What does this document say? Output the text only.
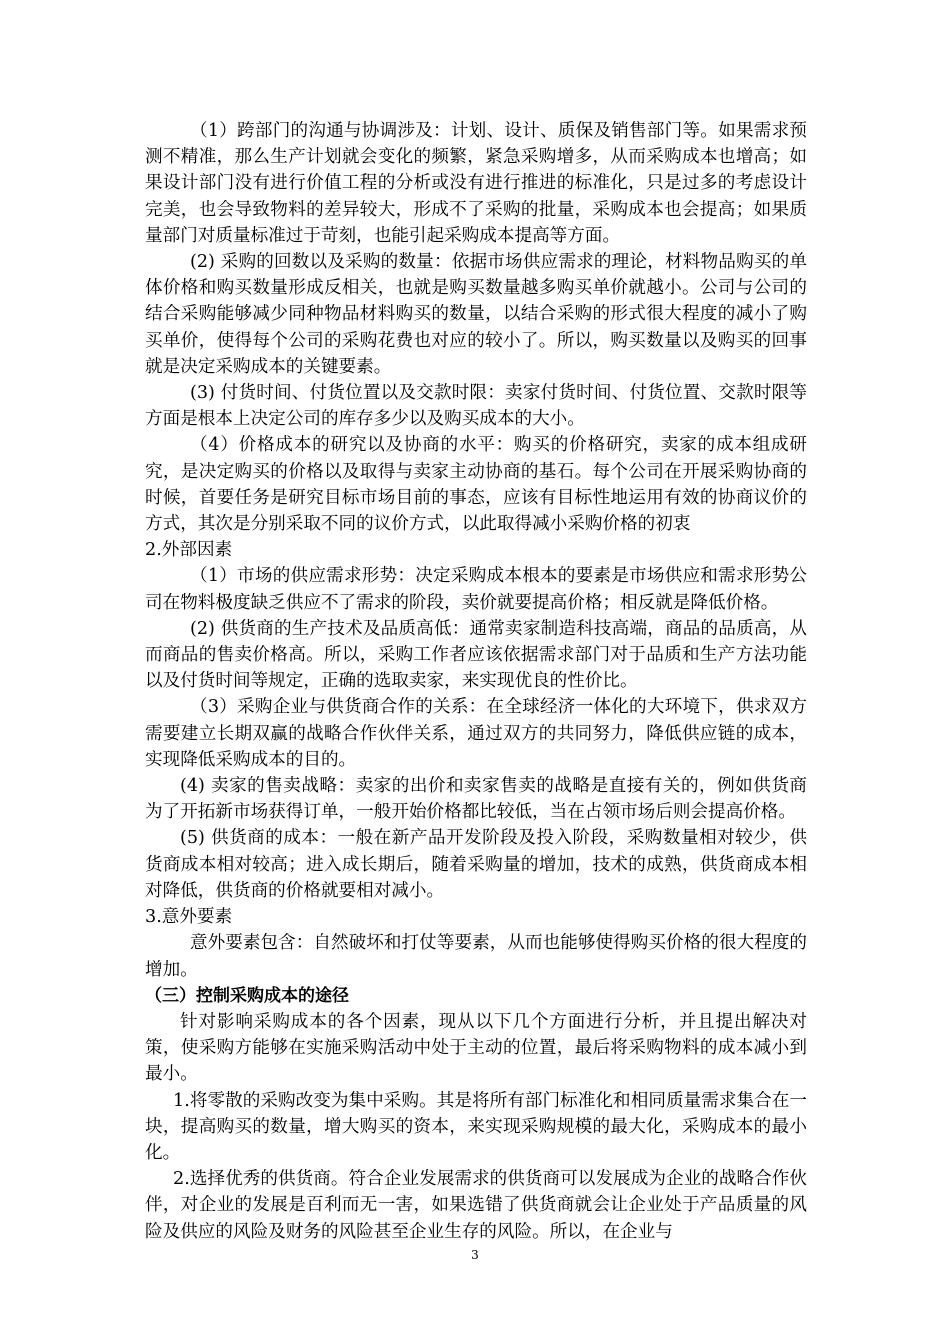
（1）跨部门的沟通与协调涉及：计划、设计、质保及销售部门等。如果需求预测不精准，那么生产计划就会变化的频繁，紧急采购增多，从而采购成本也增高；如果设计部门没有进行价值工程的分析或没有进行推进的标准化，只是过多的考虑设计完美，也会导致物料的差异较大，形成不了采购的批量，采购成本也会提高；如果质量部门对质量标准过于苛刻，也能引起采购成本提高等方面。

(2) 采购的回数以及采购的数量：依据市场供应需求的理论，材料物品购买的单体价格和购买数量形成反相关，也就是购买数量越多购买单价就越小。公司与公司的结合采购能够减少同种物品材料购买的数量，以结合采购的形式很大程度的减小了购买单价，使得每个公司的采购花费也对应的较小了。所以，购买数量以及购买的回事就是决定采购成本的关键要素。

(3) 付货时间、付货位置以及交款时限：卖家付货时间、付货位置、交款时限等方面是根本上决定公司的库存多少以及购买成本的大小。

（4）价格成本的研究以及协商的水平：购买的价格研究，卖家的成本组成研究，是决定购买的价格以及取得与卖家主动协商的基石。每个公司在开展采购协商的时候，首要任务是研究目标市场目前的事态，应该有目标性地运用有效的协商议价的方式，其次是分别采取不同的议价方式，以此取得减小采购价格的初衷

2.外部因素

（1）市场的供应需求形势：决定采购成本根本的要素是市场供应和需求形势公司在物料极度缺乏供应不了需求的阶段，卖价就要提高价格；相反就是降低价格。

(2) 供货商的生产技术及品质高低：通常卖家制造科技高端，商品的品质高，从而商品的售卖价格高。所以，采购工作者应该依据需求部门对于品质和生产方法功能以及付货时间等规定，正确的选取卖家，来实现优良的性价比。

（3）采购企业与供货商合作的关系：在全球经济一体化的大环境下，供求双方需要建立长期双赢的战略合作伙伴关系，通过双方的共同努力，降低供应链的成本，实现降低采购成本的目的。

(4) 卖家的售卖战略：卖家的出价和卖家售卖的战略是直接有关的，例如供货商为了开拓新市场获得订单，一般开始价格都比较低，当在占领市场后则会提高价格。

(5) 供货商的成本：一般在新产品开发阶段及投入阶段，采购数量相对较少，供货商成本相对较高；进入成长期后，随着采购量的增加，技术的成熟，供货商成本相对降低，供货商的价格就要相对减小。

3.意外要素

意外要素包含：自然破坏和打仗等要素，从而也能够使得购买价格的很大程度的增加。

（三）控制采购成本的途径

针对影响采购成本的各个因素，现从以下几个方面进行分析，并且提出解决对策，使采购方能够在实施采购活动中处于主动的位置，最后将采购物料的成本减小到最小。

1.将零散的采购改变为集中采购。其是将所有部门标准化和相同质量需求集合在一块，提高购买的数量，增大购买的资本，来实现采购规模的最大化，采购成本的最小化。

2.选择优秀的供货商。符合企业发展需求的供货商可以发展成为企业的战略合作伙伴，对企业的发展是百利而无一害，如果选错了供货商就会让企业处于产品质量的风险及供应的风险及财务的风险甚至企业生存的风险。所以，在企业与

3
